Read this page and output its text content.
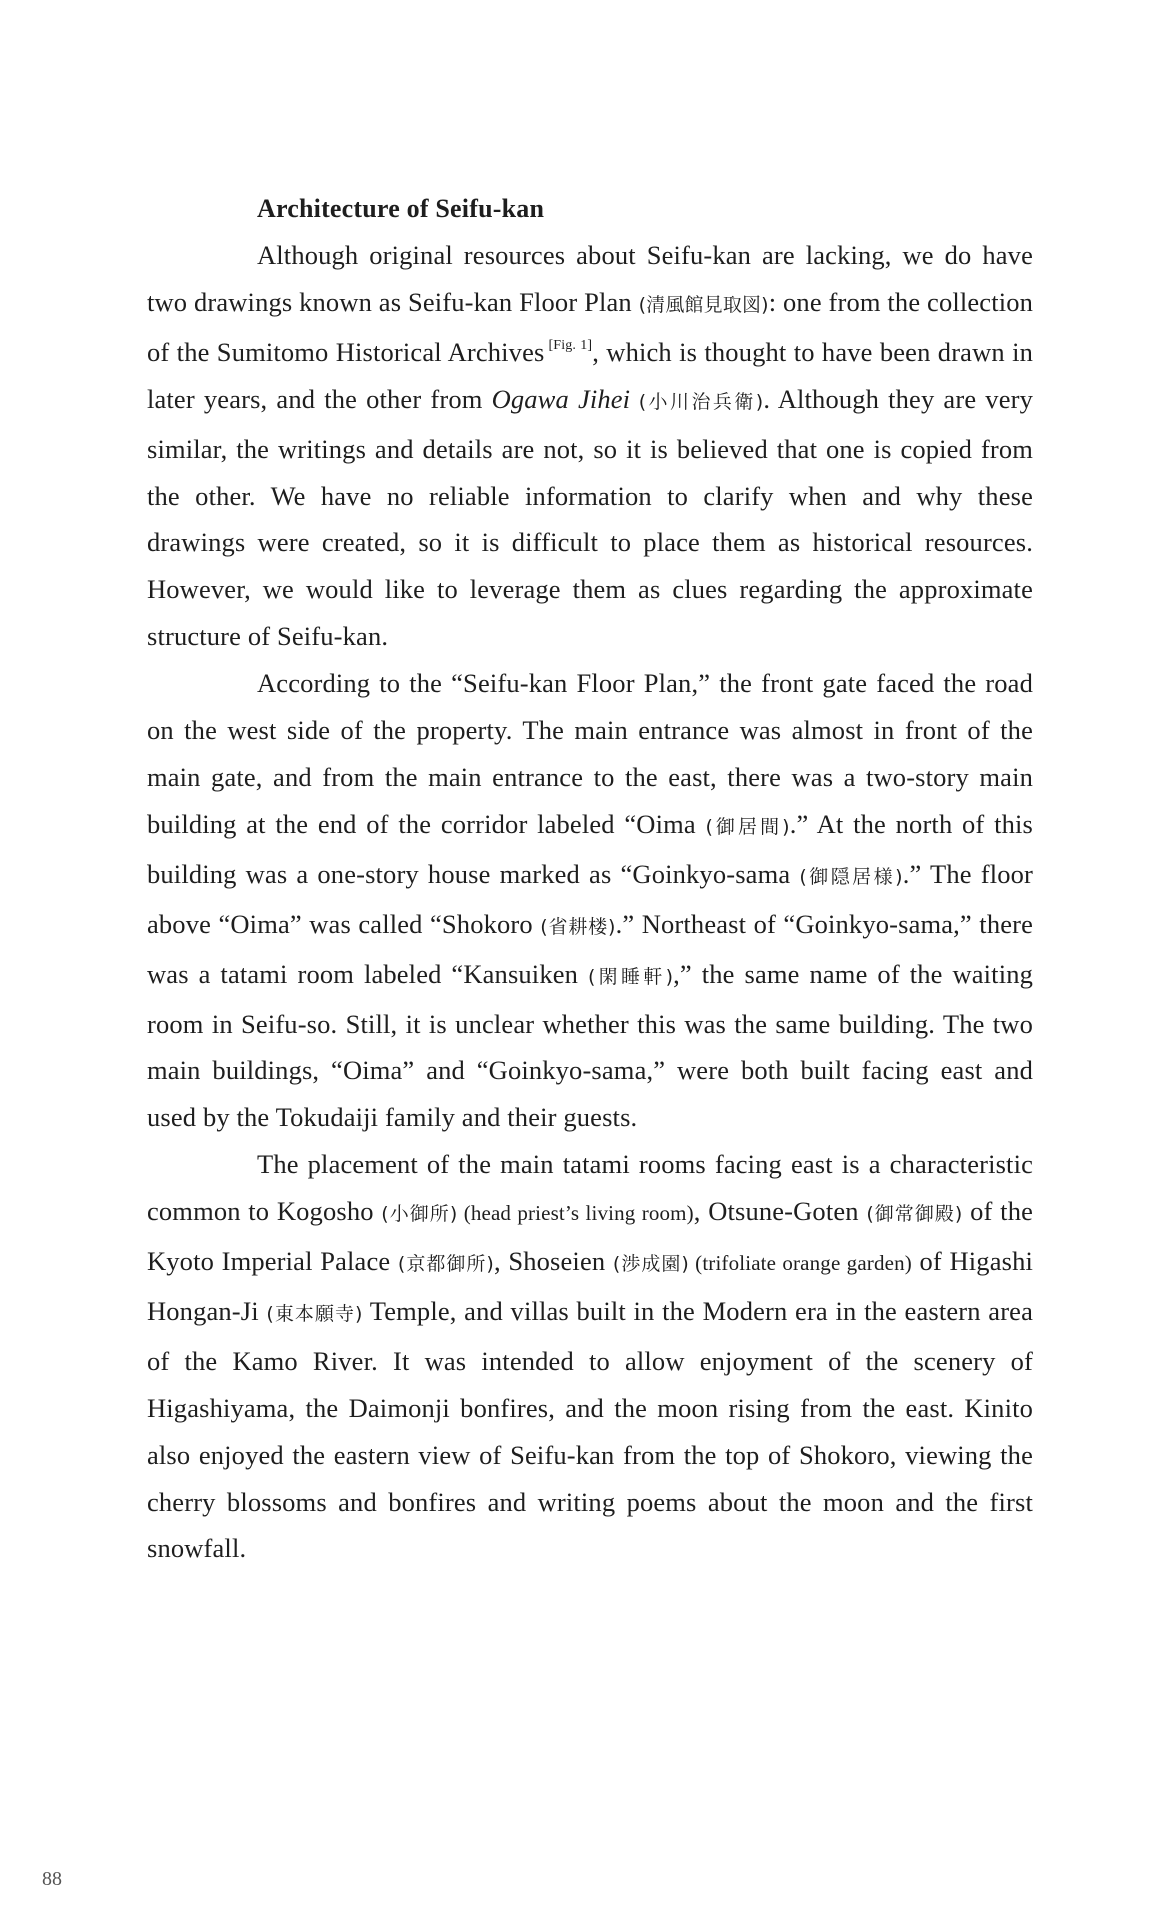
Architecture of Seifu-kan

Although original resources about Seifu-kan are lacking, we do have two drawings known as Seifu-kan Floor Plan (清風館見取図): one from the collection of the Sumitomo Historical Archives [Fig. 1], which is thought to have been drawn in later years, and the other from Ogawa Jihei (小川治兵衛). Although they are very similar, the writings and details are not, so it is believed that one is copied from the other. We have no reliable information to clarify when and why these drawings were created, so it is difficult to place them as historical resources. However, we would like to leverage them as clues regarding the approximate structure of Seifu-kan.

According to the “Seifu-kan Floor Plan,” the front gate faced the road on the west side of the property. The main entrance was almost in front of the main gate, and from the main entrance to the east, there was a two-story main building at the end of the corridor labeled “Oima (御居間).” At the north of this building was a one-story house marked as “Goinkyo-sama (御隠居様).” The floor above “Oima” was called “Shokoro (省耕楼).” Northeast of “Goinkyo-sama,” there was a tatami room labeled “Kansuiken (閑睡軒),” the same name of the waiting room in Seifu-so. Still, it is unclear whether this was the same building. The two main buildings, “Oima” and “Goinkyo-sama,” were both built facing east and used by the Tokudaiji family and their guests.

The placement of the main tatami rooms facing east is a characteristic common to Kogosho (小御所) (head priest’s living room), Otsune-Goten (御常御殿) of the Kyoto Imperial Palace (京都御所), Shoseien (渉成園) (trifoliate orange garden) of Higashi Hongan-Ji (東本願寺) Temple, and villas built in the Modern era in the eastern area of the Kamo River. It was intended to allow enjoyment of the scenery of Higashiyama, the Daimonji bonfires, and the moon rising from the east. Kinito also enjoyed the eastern view of Seifu-kan from the top of Shokoro, viewing the cherry blossoms and bonfires and writing poems about the moon and the first snowfall.

88
